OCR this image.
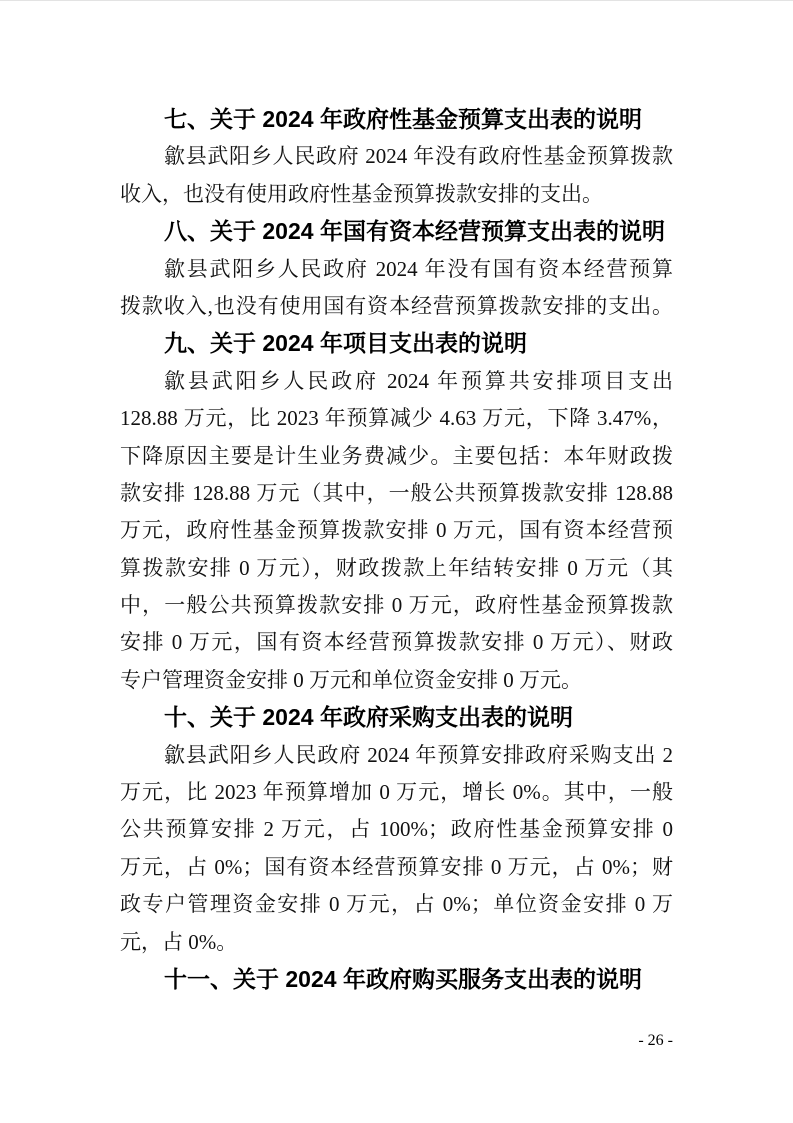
七、关于 2024 年政府性基金预算支出表的说明
歙县武阳乡人民政府 2024 年没有政府性基金预算拨款
收入，也没有使用政府性基金预算拨款安排的支出。
八、关于 2024 年国有资本经营预算支出表的说明
歙县武阳乡人民政府 2024 年没有国有资本经营预算
拨款收入,也没有使用国有资本经营预算拨款安排的支出。
九、关于 2024 年项目支出表的说明
歙县武阳乡人民政府 2024 年预算共安排项目支出
128.88 万元，比 2023 年预算减少 4.63 万元，下降 3.47%，
下降原因主要是计生业务费减少。主要包括：本年财政拨
款安排 128.88 万元（其中，一般公共预算拨款安排 128.88
万元，政府性基金预算拨款安排 0 万元，国有资本经营预
算拨款安排 0 万元），财政拨款上年结转安排 0 万元（其
中，一般公共预算拨款安排 0 万元，政府性基金预算拨款
安排 0 万元，国有资本经营预算拨款安排 0 万元）、财政
专户管理资金安排 0 万元和单位资金安排 0 万元。
十、关于 2024 年政府采购支出表的说明
歙县武阳乡人民政府 2024 年预算安排政府采购支出 2
万元，比 2023 年预算增加 0 万元，增长 0%。其中，一般
公共预算安排 2 万元，占 100%；政府性基金预算安排 0
万元，占 0%；国有资本经营预算安排 0 万元，占 0%；财
政专户管理资金安排 0 万元，占 0%；单位资金安排 0 万
元，占 0%。
十一、关于 2024 年政府购买服务支出表的说明
- 26 -
